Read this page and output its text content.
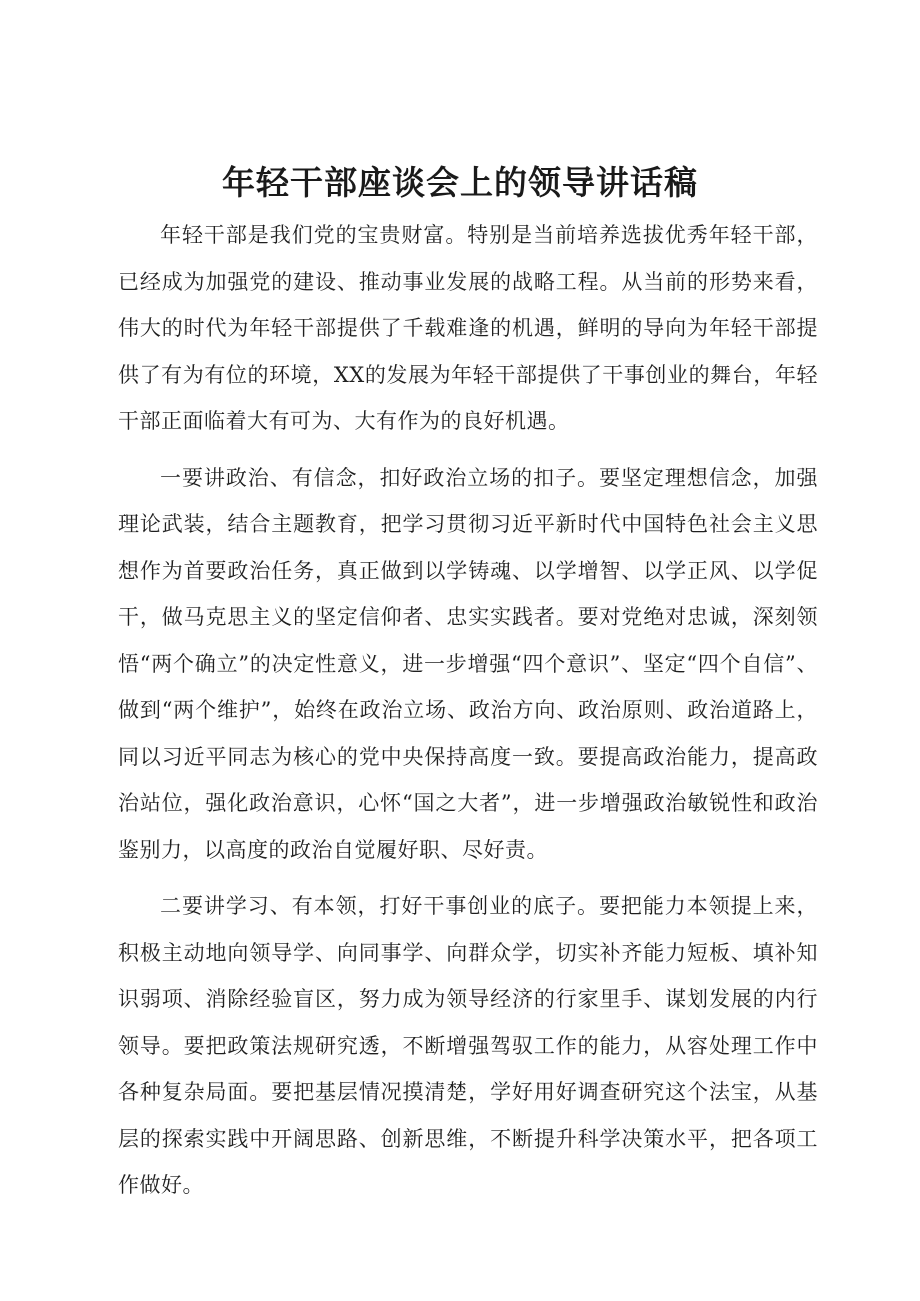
年轻干部座谈会上的领导讲话稿

年轻干部是我们党的宝贵财富。特别是当前培养选拔优秀年轻干部，已经成为加强党的建设、推动事业发展的战略工程。从当前的形势来看，伟大的时代为年轻干部提供了千载难逢的机遇，鲜明的导向为年轻干部提供了有为有位的环境，XX的发展为年轻干部提供了干事创业的舞台，年轻干部正面临着大有可为、大有作为的良好机遇。

一要讲政治、有信念，扣好政治立场的扣子。要坚定理想信念，加强理论武装，结合主题教育，把学习贯彻习近平新时代中国特色社会主义思想作为首要政治任务，真正做到以学铸魂、以学增智、以学正风、以学促干，做马克思主义的坚定信仰者、忠实实践者。要对党绝对忠诚，深刻领悟“两个确立”的决定性意义，进一步增强“四个意识”、坚定“四个自信”、做到“两个维护”，始终在政治立场、政治方向、政治原则、政治道路上，同以习近平同志为核心的党中央保持高度一致。要提高政治能力，提高政治站位，强化政治意识，心怀“国之大者”，进一步增强政治敏锐性和政治鉴别力，以高度的政治自觉履好职、尽好责。

二要讲学习、有本领，打好干事创业的底子。要把能力本领提上来，积极主动地向领导学、向同事学、向群众学，切实补齐能力短板、填补知识弱项、消除经验盲区，努力成为领导经济的行家里手、谋划发展的内行领导。要把政策法规研究透，不断增强驾驭工作的能力，从容处理工作中各种复杂局面。要把基层情况摸清楚，学好用好调查研究这个法宝，从基层的探索实践中开阔思路、创新思维，不断提升科学决策水平，把各项工作做好。
